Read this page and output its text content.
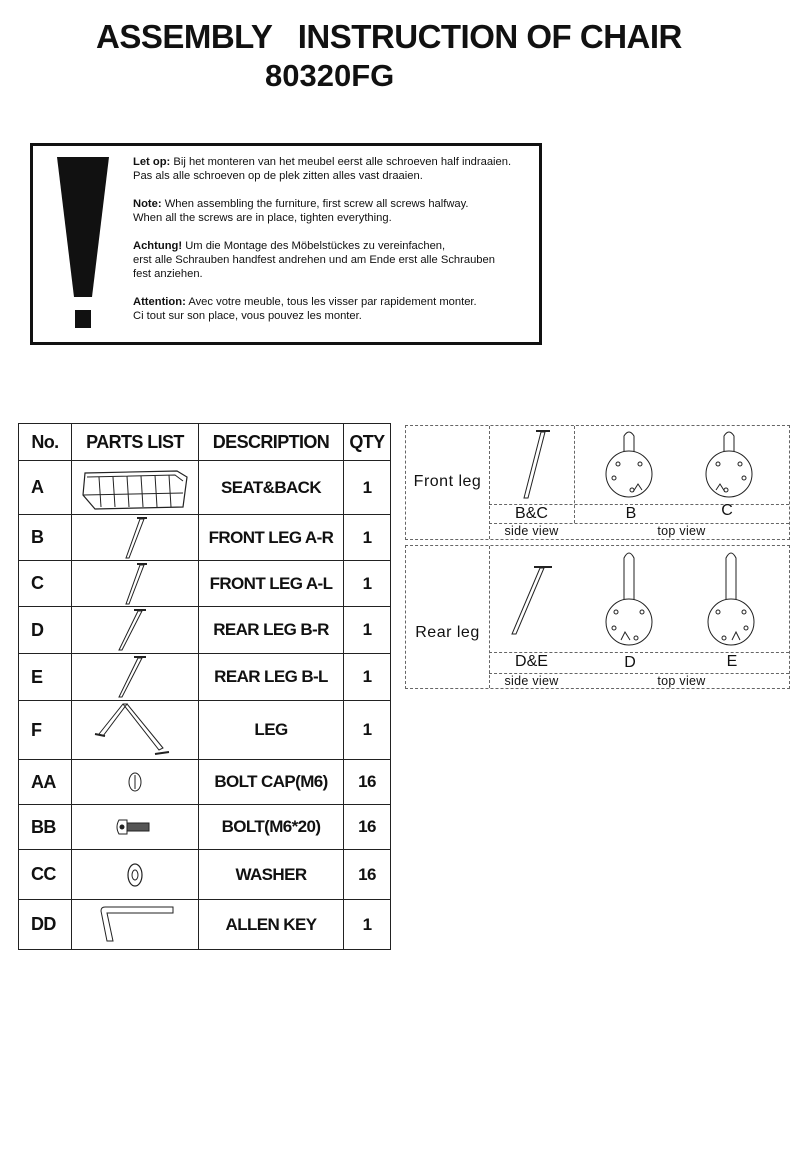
ASSEMBLY   INSTRUCTION OF CHAIR
80320FG

Let op: Bij het monteren van het meubel eerst alle schroeven half indraaien.
Pas als alle schroeven op de plek zitten alles vast draaien.

Note: When assembling the furniture, first screw all screws halfway.
When all the screws are in place, tighten everything.

Achtung! Um die Montage des Möbelstückes zu vereinfachen,
erst alle Schrauben handfest andrehen und am Ende erst alle Schrauben
fest anziehen.

Attention: Avec votre meuble, tous les visser par rapidement monter.
Ci tout sur son place, vous pouvez les monter.

No.	PARTS LIST	DESCRIPTION	QTY
A		SEAT&BACK	1
B		FRONT LEG A-R	1
C		FRONT LEG A-L	1
D		REAR LEG B-R	1
E		REAR LEG B-L	1
F		LEG	1
AA		BOLT CAP(M6)	16
BB		BOLT(M6*20)	16
CC		WASHER	16
DD		ALLEN KEY	1
Front leg
B&C	B	C
side view	top view
Rear leg
D&E	D	E
side view	top view
